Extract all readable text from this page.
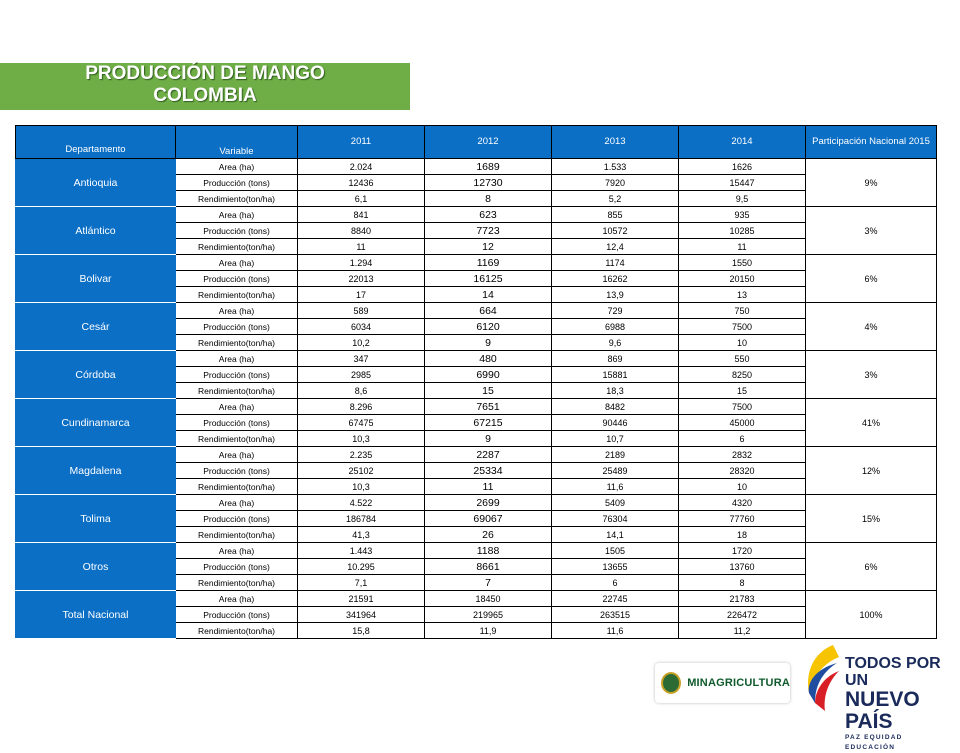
PRODUCCIÓN DE MANGO
COLOMBIA
Departamento	Variable	2011	2012	2013	2014	Participación Nacional 2015
Antioquia	Area (ha)	2.024	1689	1.533	1626	9%
	Producción (tons)	12436	12730	7920	15447	
	Rendimiento(ton/ha)	6,1	8	5,2	9,5	
Atlántico	Area (ha)	841	623	855	935	3%
	Producción (tons)	8840	7723	10572	10285	
	Rendimiento(ton/ha)	11	12	12,4	11	
Bolivar	Area (ha)	1.294	1169	1174	1550	6%
	Producción (tons)	22013	16125	16262	20150	
	Rendimiento(ton/ha)	17	14	13,9	13	
Cesár	Area (ha)	589	664	729	750	4%
	Producción (tons)	6034	6120	6988	7500	
	Rendimiento(ton/ha)	10,2	9	9,6	10	
Córdoba	Area (ha)	347	480	869	550	3%
	Producción (tons)	2985	6990	15881	8250	
	Rendimiento(ton/ha)	8,6	15	18,3	15	
Cundinamarca	Area (ha)	8.296	7651	8482	7500	41%
	Producción (tons)	67475	67215	90446	45000	
	Rendimiento(ton/ha)	10,3	9	10,7	6	
Magdalena	Area (ha)	2.235	2287	2189	2832	12%
	Producción (tons)	25102	25334	25489	28320	
	Rendimiento(ton/ha)	10,3	11	11,6	10	
Tolima	Area (ha)	4.522	2699	5409	4320	15%
	Producción (tons)	186784	69067	76304	77760	
	Rendimiento(ton/ha)	41,3	26	14,1	18	
Otros	Area (ha)	1.443	1188	1505	1720	6%
	Producción (tons)	10.295	8661	13655	13760	
	Rendimiento(ton/ha)	7,1	7	6	8	
Total Nacional	Area (ha)	21591	18450	22745	21783	100%
	Producción (tons)	341964	219965	263515	226472	
	Rendimiento(ton/ha)	15,8	11,9	11,6	11,2	
MINAGRICULTURA
TODOS POR UN
NUEVO PAÍS
PAZ EQUIDAD EDUCACIÓN
